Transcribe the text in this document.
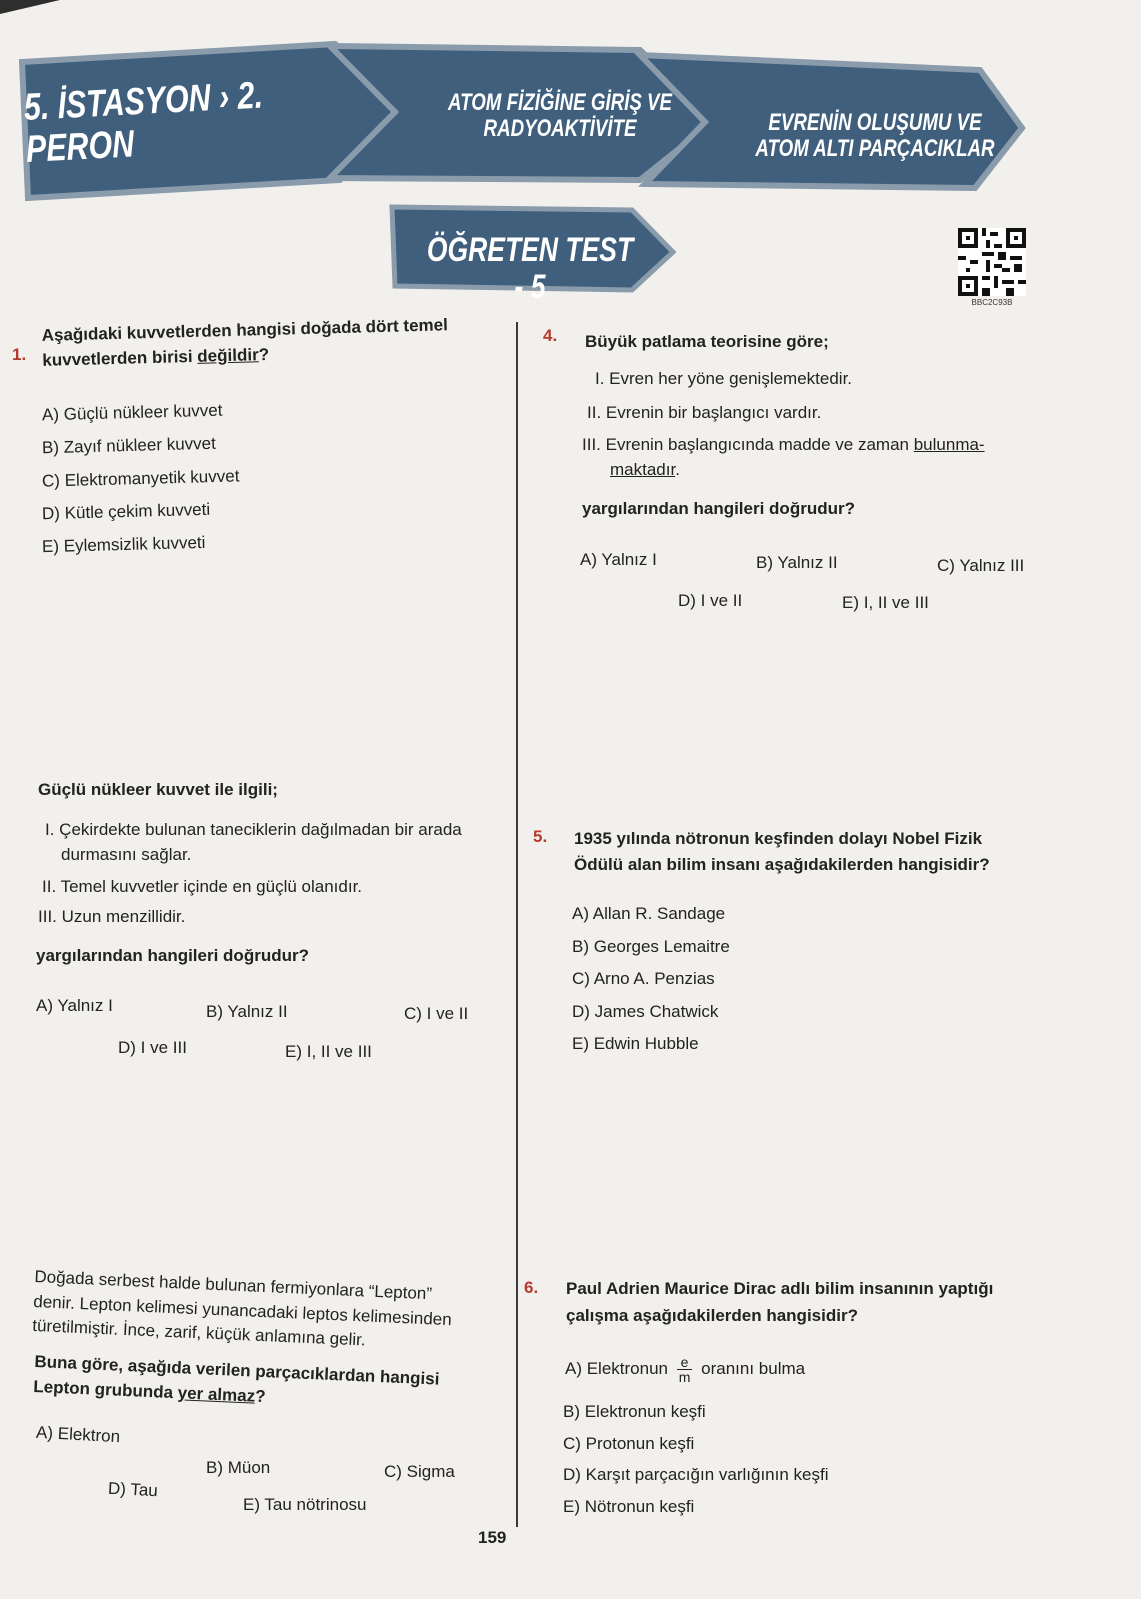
5. İSTASYON › 2. PERON
ATOM FİZİĞİNE GİRİŞ VE RADYOAKTİVİTE	EVRENİN OLUŞUMU VE ATOM ALTI PARÇACIKLAR
ÖĞRETEN TEST - 5	BBC2C93B
1.
Aşağıdaki kuvvetlerden hangisi doğada dört temel kuvvetlerden birisi değildir?
A) Güçlü nükleer kuvvet
B) Zayıf nükleer kuvvet
C) Elektromanyetik kuvvet
D) Kütle çekim kuvveti
E) Eylemsizlik kuvveti
Güçlü nükleer kuvvet ile ilgili;
I. Çekirdekte bulunan taneciklerin dağılmadan bir arada durmasını sağlar.
II. Temel kuvvetler içinde en güçlü olanıdır.
III. Uzun menzillidir.
yargılarından hangileri doğrudur?
A) Yalnız I	B) Yalnız II	C) I ve II
D) I ve III	E) I, II ve III
Doğada serbest halde bulunan fermiyonlara “Lepton” denir. Lepton kelimesi yunancadaki leptos kelimesinden türetilmiştir. İnce, zarif, küçük anlamına gelir.
Buna göre, aşağıda verilen parçacıklardan hangisi Lepton grubunda yer almaz?
A) Elektron
B) Müon	C) Sigma
D) Tau
E) Tau nötrinosu
4. Büyük patlama teorisine göre;
I. Evren her yöne genişlemektedir.
II. Evrenin bir başlangıcı vardır.
III. Evrenin başlangıcında madde ve zaman bulunma-
maktadır.
yargılarından hangileri doğrudur?
A) Yalnız I	B) Yalnız II	C) Yalnız III
D) I ve II	E) I, II ve III
5. 1935 yılında nötronun keşfinden dolayı Nobel Fizik Ödülü alan bilim insanı aşağıdakilerden hangisidir?
A) Allan R. Sandage
B) Georges Lemaitre
C) Arno A. Penzias
D) James Chatwick
E) Edwin Hubble
6. Paul Adrien Maurice Dirac adlı bilim insanının yaptığı çalışma aşağıdakilerden hangisidir?
A) Elektronun $\frac{e}{m}$ oranını bulma
B) Elektronun keşfi
C) Protonun keşfi
D) Karşıt parçacığın varlığının keşfi
E) Nötronun keşfi
159
